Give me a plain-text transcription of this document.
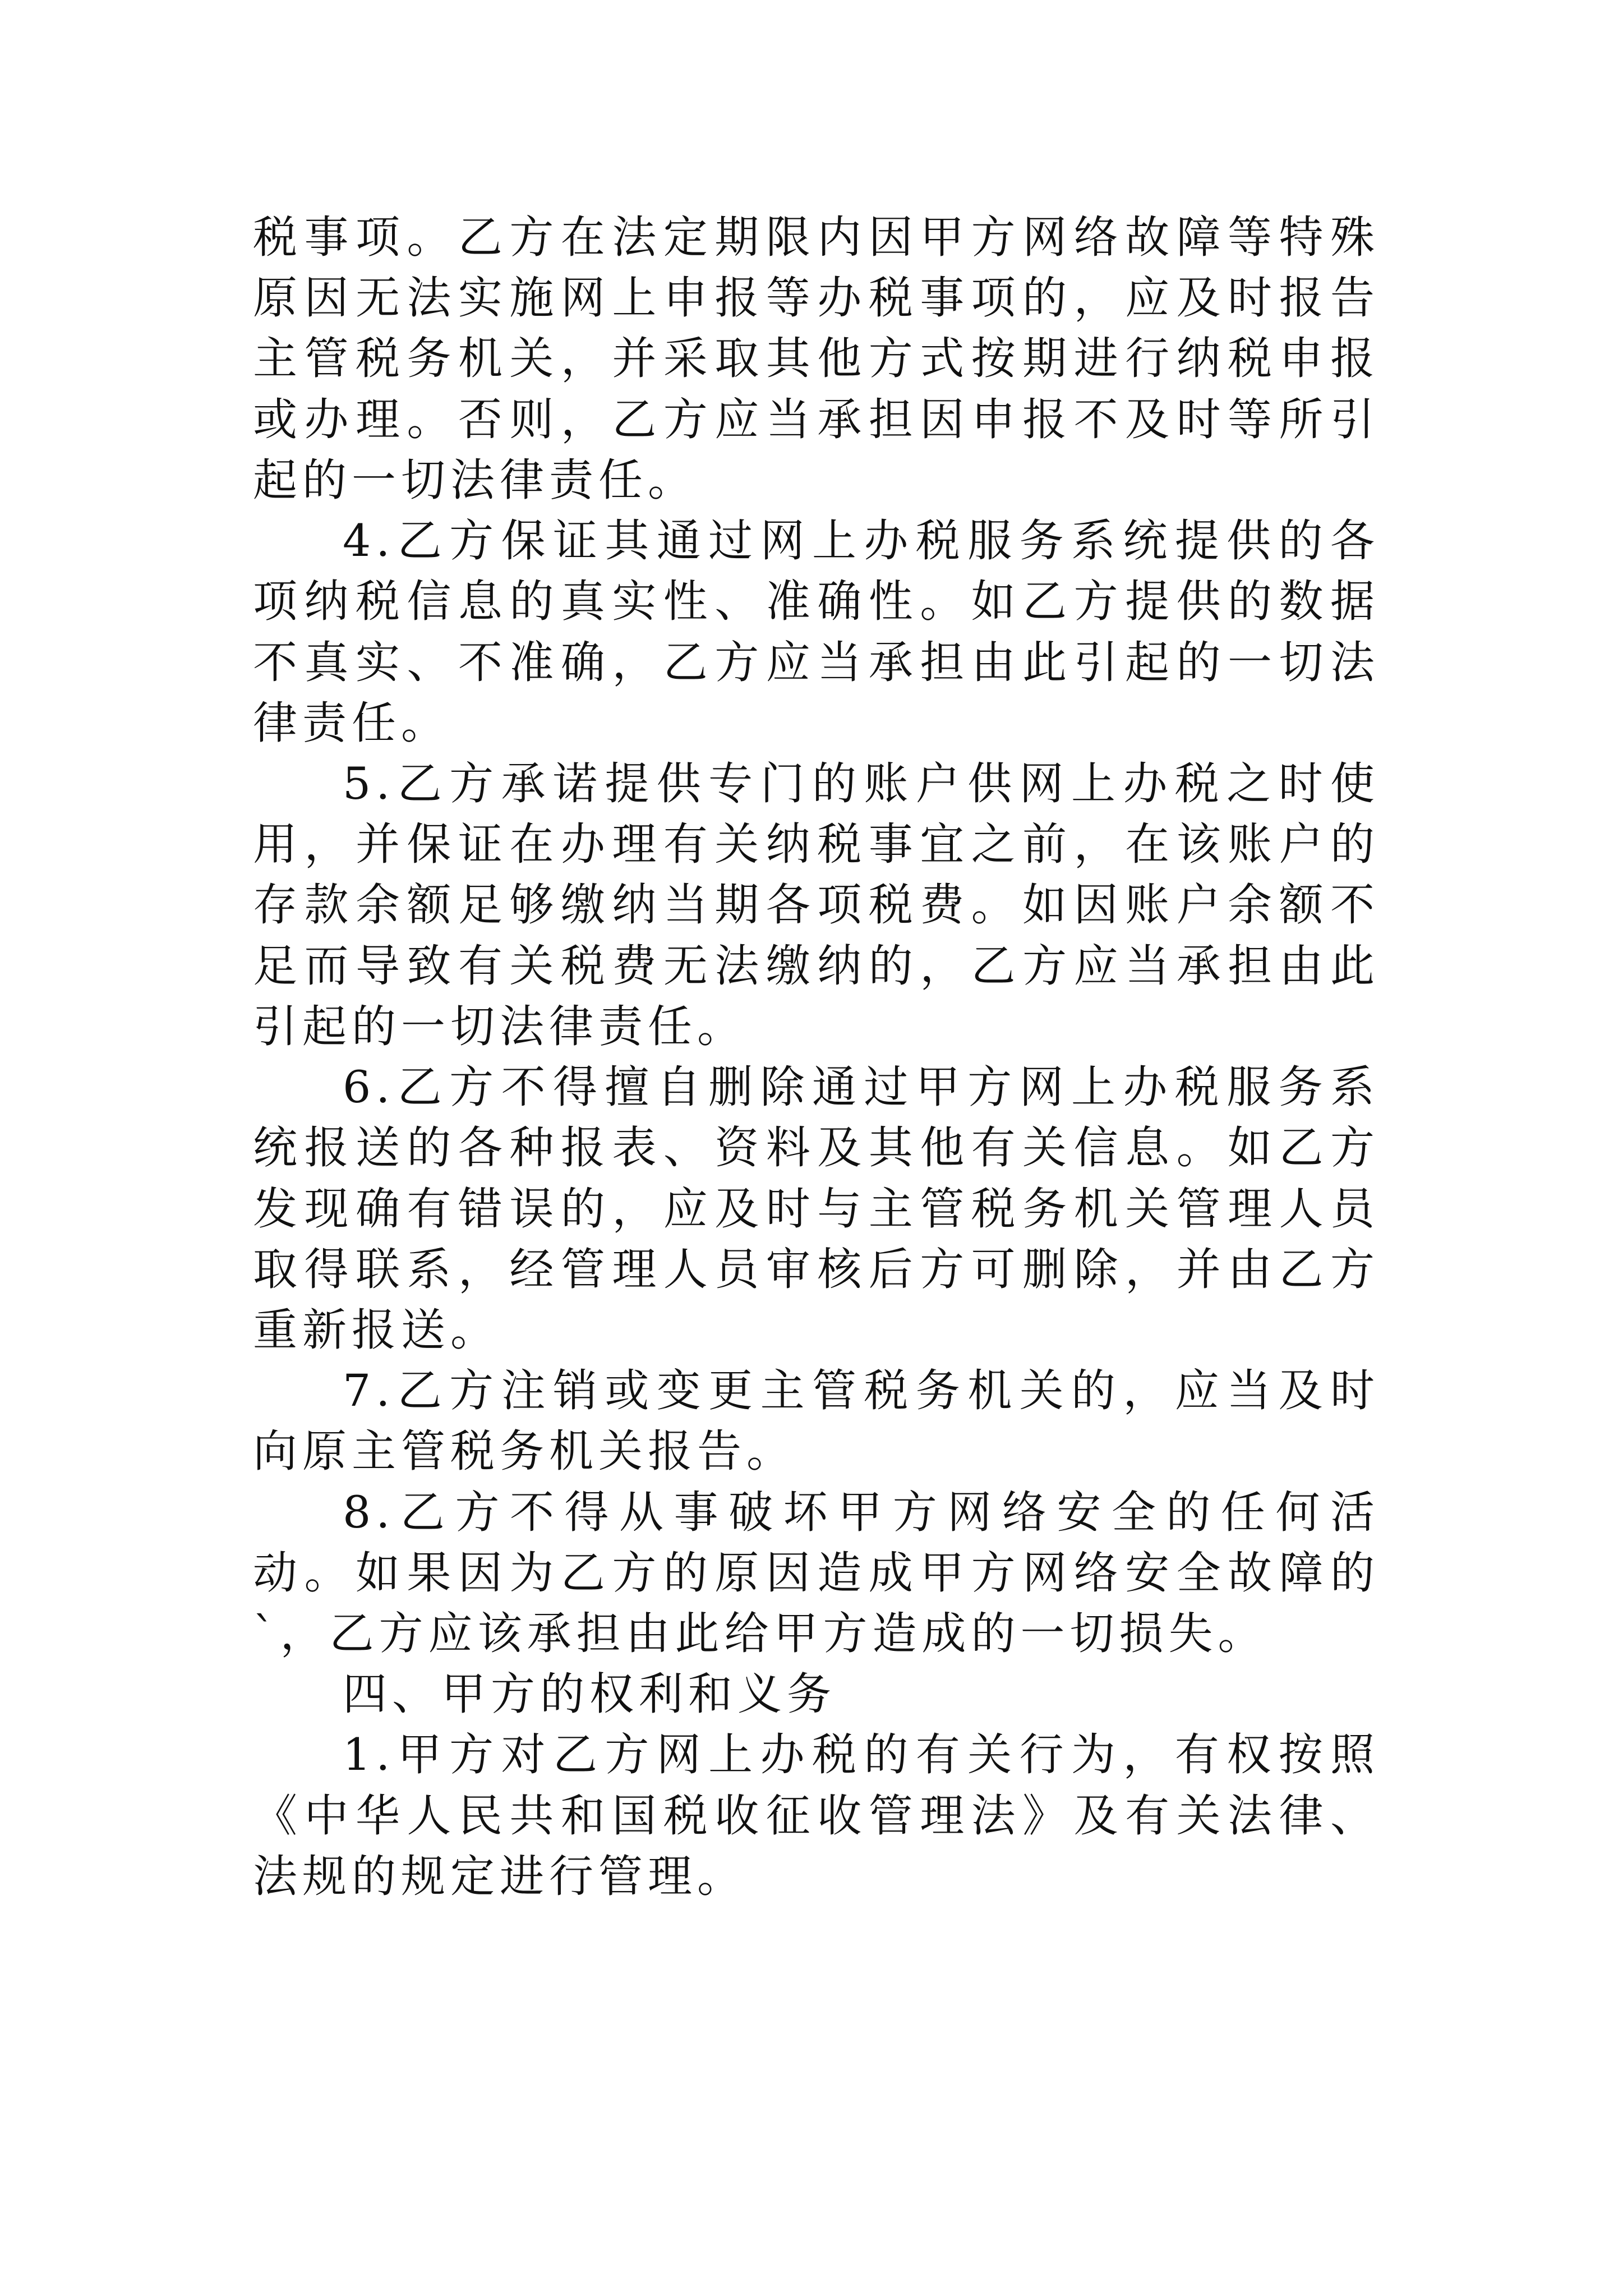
税事项。乙方在法定期限内因甲方网络故障等特殊原因无法实施网上申报等办税事项的，应及时报告主管税务机关，并采取其他方式按期进行纳税申报或办理。否则，乙方应当承担因申报不及时等所引起的一切法律责任。

4.乙方保证其通过网上办税服务系统提供的各项纳税信息的真实性、准确性。如乙方提供的数据不真实、不准确，乙方应当承担由此引起的一切法律责任。

5.乙方承诺提供专门的账户供网上办税之时使用，并保证在办理有关纳税事宜之前，在该账户的存款余额足够缴纳当期各项税费。如因账户余额不足而导致有关税费无法缴纳的，乙方应当承担由此引起的一切法律责任。

6.乙方不得擅自删除通过甲方网上办税服务系统报送的各种报表、资料及其他有关信息。如乙方发现确有错误的，应及时与主管税务机关管理人员取得联系，经管理人员审核后方可删除，并由乙方重新报送。

7.乙方注销或变更主管税务机关的，应当及时向原主管税务机关报告。

8.乙方不得从事破坏甲方网络安全的任何活动。如果因为乙方的原因造成甲方网络安全故障的`，乙方应该承担由此给甲方造成的一切损失。

四、甲方的权利和义务

1.甲方对乙方网上办税的有关行为，有权按照《中华人民共和国税收征收管理法》及有关法律、法规的规定进行管理。
